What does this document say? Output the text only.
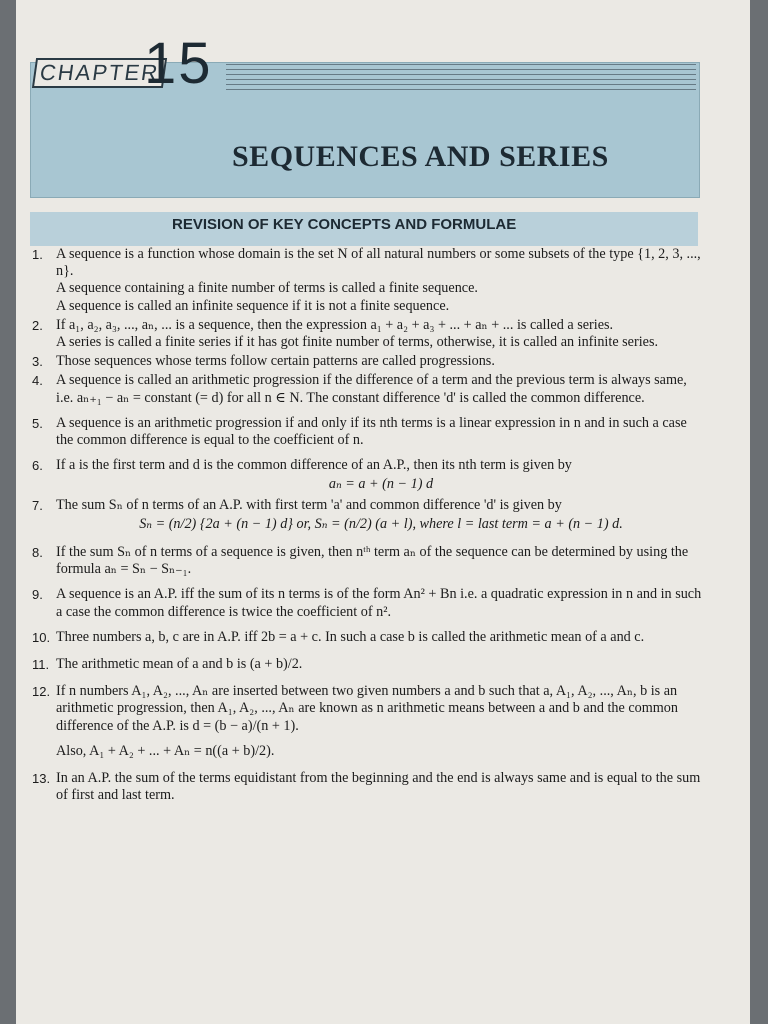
CHAPTER
15
SEQUENCES AND SERIES
REVISION OF KEY CONCEPTS AND FORMULAE
1. A sequence is a function whose domain is the set N of all natural numbers or some subsets of the type {1, 2, 3, ..., n}.
A sequence containing a finite number of terms is called a finite sequence.
A sequence is called an infinite sequence if it is not a finite sequence.
2. If a₁, a₂, a₃, ..., aₙ, ... is a sequence, then the expression a₁ + a₂ + a₃ + ... + aₙ + ... is called a series.
A series is called a finite series if it has got finite number of terms, otherwise, it is called an infinite series.
3. Those sequences whose terms follow certain patterns are called progressions.
4. A sequence is called an arithmetic progression if the difference of a term and the previous term is always same, i.e. aₙ₊₁ − aₙ = constant (= d) for all n ∈ N. The constant difference 'd' is called the common difference.
5. A sequence is an arithmetic progression if and only if its nth terms is a linear expression in n and in such a case the common difference is equal to the coefficient of n.
6. If a is the first term and d is the common difference of an A.P., then its nth term is given by
aₙ = a + (n − 1) d
7. The sum Sₙ of n terms of an A.P. with first term 'a' and common difference 'd' is given by
Sₙ = (n/2) {2a + (n − 1) d} or, Sₙ = (n/2) (a + l), where l = last term = a + (n − 1) d.
8. If the sum Sₙ of n terms of a sequence is given, then nᵗʰ term aₙ of the sequence can be determined by using the formula aₙ = Sₙ − Sₙ₋₁.
9. A sequence is an A.P. iff the sum of its n terms is of the form An² + Bn i.e. a quadratic expression in n and in such a case the common difference is twice the coefficient of n².
10. Three numbers a, b, c are in A.P. iff 2b = a + c. In such a case b is called the arithmetic mean of a and c.
11. The arithmetic mean of a and b is (a + b)/2.
12. If n numbers A₁, A₂, ..., Aₙ are inserted between two given numbers a and b such that a, A₁, A₂, ..., Aₙ, b is an arithmetic progression, then A₁, A₂, ..., Aₙ are known as n arithmetic means between a and b and the common difference of the A.P. is d = (b − a)/(n + 1).
Also, A₁ + A₂ + ... + Aₙ = n((a + b)/2).
13. In an A.P. the sum of the terms equidistant from the beginning and the end is always same and is equal to the sum of first and last term.
